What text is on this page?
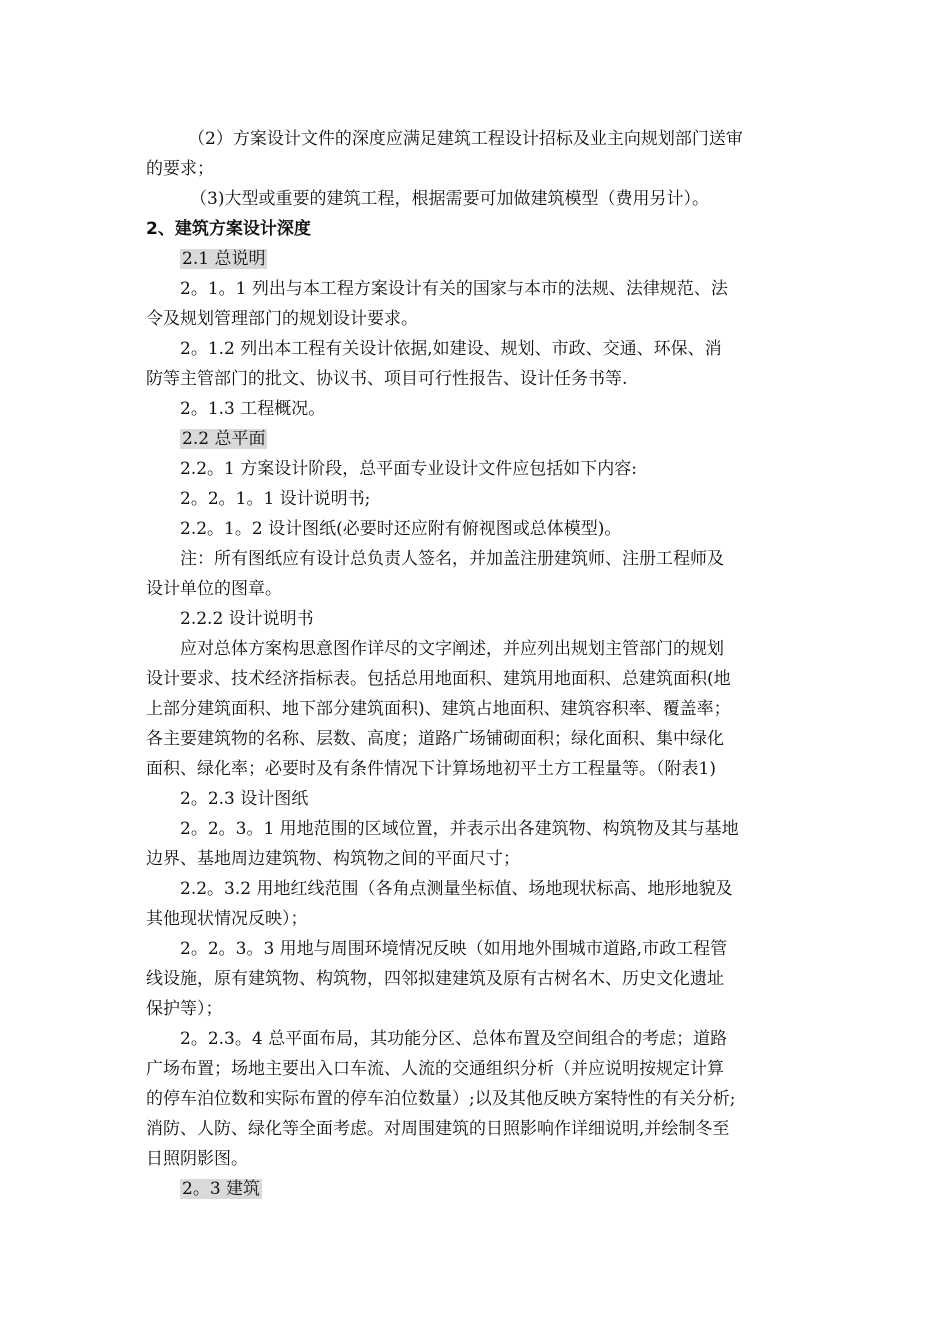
（2）方案设计文件的深度应满足建筑工程设计招标及业主向规划部门送审
的要求；
（3)大型或重要的建筑工程，根据需要可加做建筑模型（费用另计）。
2、建筑方案设计深度
2.1 总说明
2。1。1 列出与本工程方案设计有关的国家与本市的法规、法律规范、法
令及规划管理部门的规划设计要求。
2。1.2 列出本工程有关设计依据,如建设、规划、市政、交通、环保、消
防等主管部门的批文、协议书、项目可行性报告、设计任务书等.
2。1.3 工程概况。
2.2 总平面
2.2。1 方案设计阶段，总平面专业设计文件应包括如下内容:
2。2。1。1 设计说明书;
2.2。1。2 设计图纸(必要时还应附有俯视图或总体模型)。
注：所有图纸应有设计总负责人签名，并加盖注册建筑师、注册工程师及
设计单位的图章。
2.2.2 设计说明书
应对总体方案构思意图作详尽的文字阐述，并应列出规划主管部门的规划
设计要求、技术经济指标表。包括总用地面积、建筑用地面积、总建筑面积(地
上部分建筑面积、地下部分建筑面积)、建筑占地面积、建筑容积率、覆盖率；
各主要建筑物的名称、层数、高度；道路广场铺砌面积；绿化面积、集中绿化
面积、绿化率；必要时及有条件情况下计算场地初平土方工程量等。（附表1)
2。2.3 设计图纸
2。2。3。1 用地范围的区域位置，并表示出各建筑物、构筑物及其与基地
边界、基地周边建筑物、构筑物之间的平面尺寸；
2.2。3.2 用地红线范围（各角点测量坐标值、场地现状标高、地形地貌及
其他现状情况反映）；
2。2。3。3 用地与周围环境情况反映（如用地外围城市道路,市政工程管
线设施，原有建筑物、构筑物，四邻拟建建筑及原有古树名木、历史文化遗址
保护等）；
2。2.3。4 总平面布局，其功能分区、总体布置及空间组合的考虑；道路
广场布置；场地主要出入口车流、人流的交通组织分析（并应说明按规定计算
的停车泊位数和实际布置的停车泊位数量）;以及其他反映方案特性的有关分析;
消防、人防、绿化等全面考虑。对周围建筑的日照影响作详细说明,并绘制冬至
日照阴影图。
2。3 建筑
